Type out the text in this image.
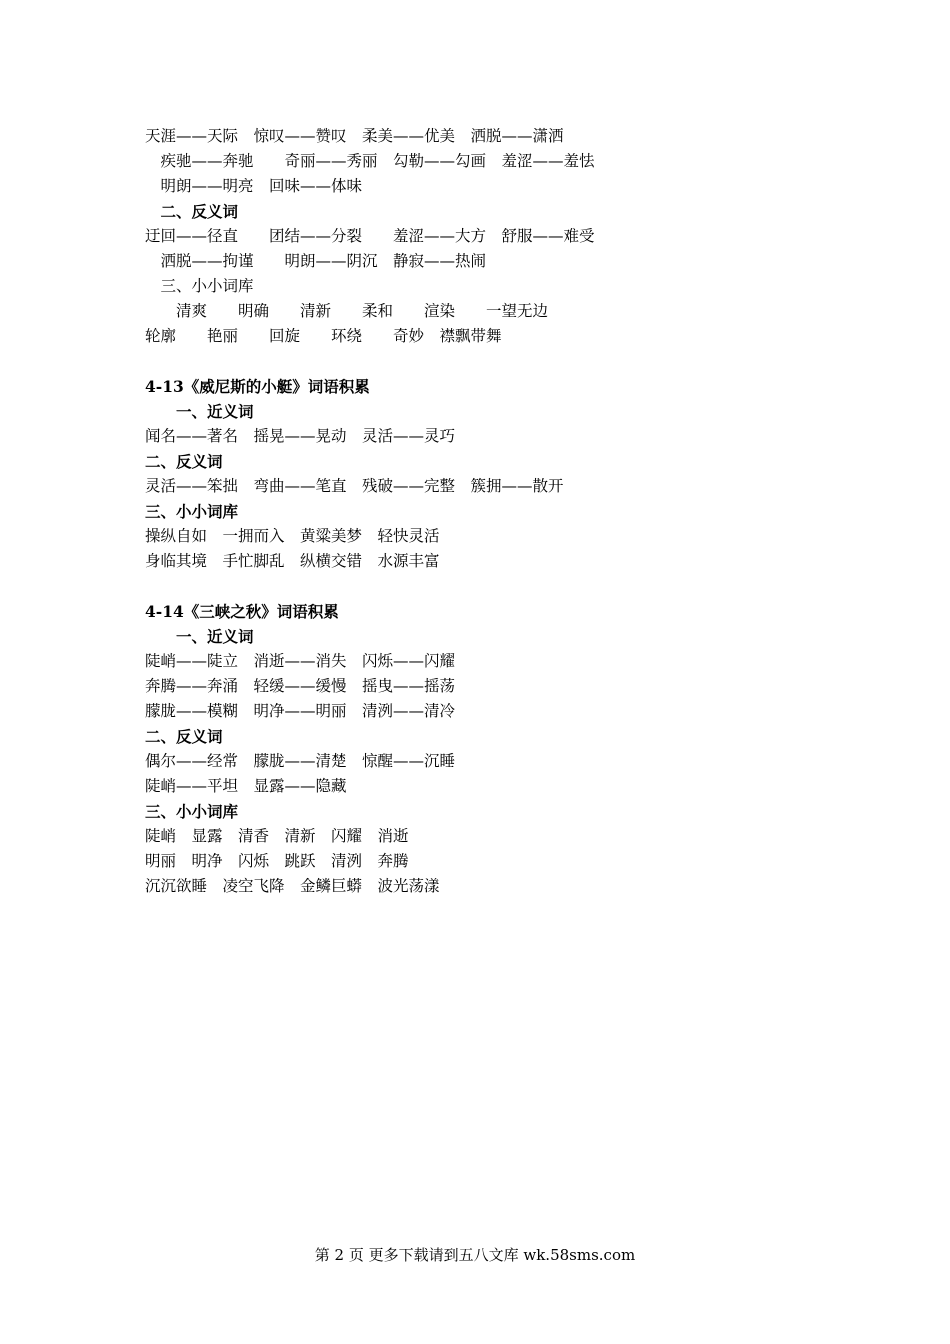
天涯——天际　惊叹——赞叹　柔美——优美　洒脱——潇洒
　疾驰——奔驰　　奇丽——秀丽　勾勒——勾画　羞涩——羞怯
　明朗——明亮　回味——体味
　二、反义词
迂回——径直　　团结——分裂　　羞涩——大方　舒服——难受
　洒脱——拘谨　　明朗——阴沉　静寂——热闹
　三、小小词库
　　清爽　　明确　　清新　　柔和　　渲染　　一望无边
轮廓　　艳丽　　回旋　　环绕　　奇妙　襟飘带舞
4-13《威尼斯的小艇》词语积累
　　一、近义词
闻名——著名　摇晃——晃动　灵活——灵巧
二、反义词
灵活——笨拙　弯曲——笔直　残破——完整　簇拥——散开
三、小小词库
操纵自如　一拥而入　黄粱美梦　轻快灵活
身临其境　手忙脚乱　纵横交错　水源丰富
4-14《三峡之秋》词语积累
　　一、近义词
陡峭——陡立　消逝——消失　闪烁——闪耀
奔腾——奔涌　轻缓——缓慢　摇曳——摇荡
朦胧——模糊　明净——明丽　清洌——清冷
二、反义词
偶尔——经常　朦胧——清楚　惊醒——沉睡
陡峭——平坦　显露——隐藏
三、小小词库
陡峭　显露　清香　清新　闪耀　消逝
明丽　明净　闪烁　跳跃　清洌　奔腾
沉沉欲睡　凌空飞降　金鳞巨蟒　波光荡漾
第 2 页 更多下载请到五八文库 wk.58sms.com
